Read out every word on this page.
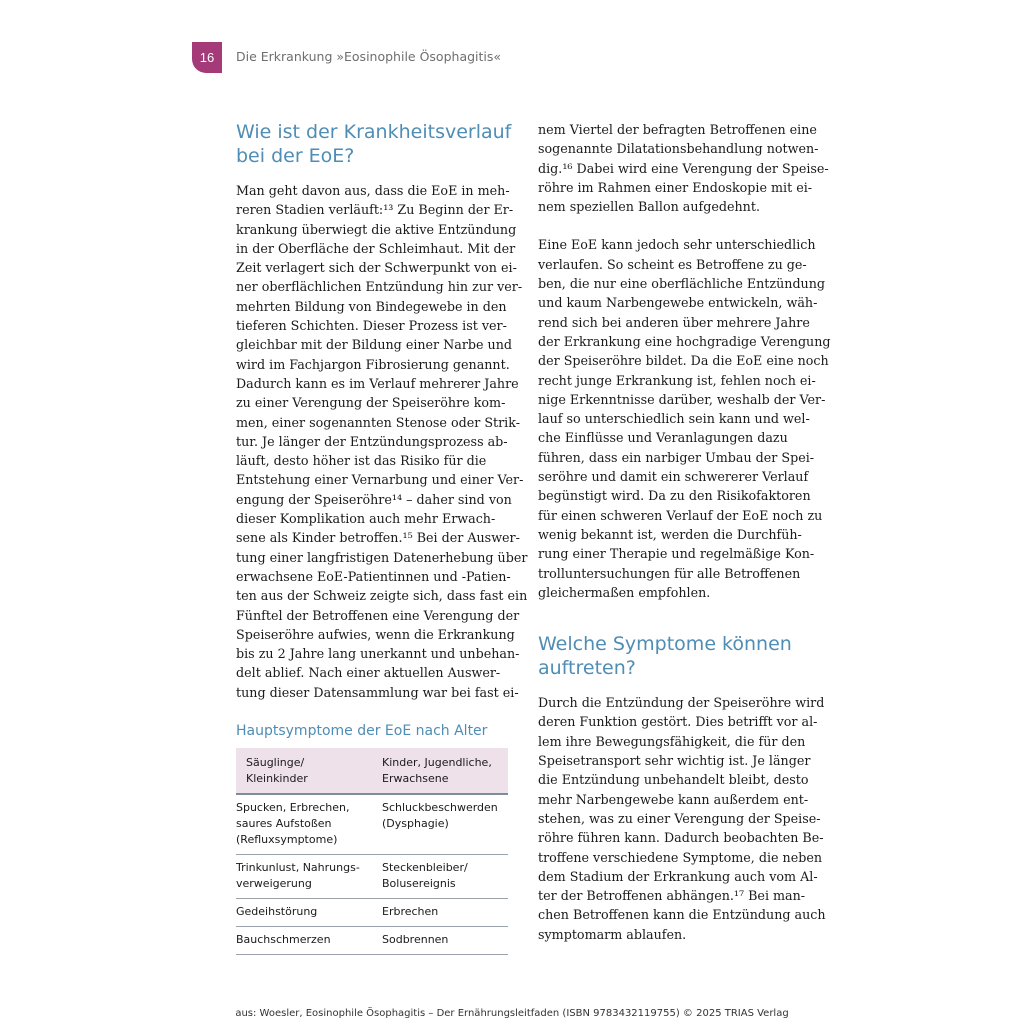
16 Die Erkrankung »Eosinophile Ösophagitis«
Wie ist der Krankheitsverlauf
bei der EoE?
Man geht davon aus, dass die EoE in meh-
reren Stadien verläuft:¹³ Zu Beginn der Er-
krankung überwiegt die aktive Entzündung
in der Oberfläche der Schleimhaut. Mit der
Zeit verlagert sich der Schwerpunkt von ei-
ner oberflächlichen Entzündung hin zur ver-
mehrten Bildung von Bindegewebe in den
tieferen Schichten. Dieser Prozess ist ver-
gleichbar mit der Bildung einer Narbe und
wird im Fachjargon Fibrosierung genannt.
Dadurch kann es im Verlauf mehrerer Jahre
zu einer Verengung der Speiseröhre kom-
men, einer sogenannten Stenose oder Strik-
tur. Je länger der Entzündungsprozess ab-
läuft, desto höher ist das Risiko für die
Entstehung einer Vernarbung und einer Ver-
engung der Speiseröhre¹⁴ – daher sind von
dieser Komplikation auch mehr Erwach-
sene als Kinder betroffen.¹⁵ Bei der Auswer-
tung einer langfristigen Datenerhebung über
erwachsene EoE-Patientinnen und -Patien-
ten aus der Schweiz zeigte sich, dass fast ein
Fünftel der Betroffenen eine Verengung der
Speiseröhre aufwies, wenn die Erkrankung
bis zu 2 Jahre lang unerkannt und unbehan-
delt ablief. Nach einer aktuellen Auswer-
tung dieser Datensammlung war bei fast ei-
Hauptsymptome der EoE nach Alter
Säuglinge/
Kleinkinder	Kinder, Jugendliche,
Erwachsene

Spucken, Erbrechen,
saures Aufstoßen
(Refluxsymptome)	Schluckbeschwerden
(Dysphagie)

Trinkunlust, Nahrungs-
verweigerung	Steckenbleiber/
Bolusereignis

Gedeihstörung	Erbrechen

Bauchschmerzen	Sodbrennen
nem Viertel der befragten Betroffenen eine
sogenannte Dilatationsbehandlung notwen-
dig.¹⁶ Dabei wird eine Verengung der Speise-
röhre im Rahmen einer Endoskopie mit ei-
nem speziellen Ballon aufgedehnt.
Eine EoE kann jedoch sehr unterschiedlich
verlaufen. So scheint es Betroffene zu ge-
ben, die nur eine oberflächliche Entzündung
und kaum Narbengewebe entwickeln, wäh-
rend sich bei anderen über mehrere Jahre
der Erkrankung eine hochgradige Verengung
der Speiseröhre bildet. Da die EoE eine noch
recht junge Erkrankung ist, fehlen noch ei-
nige Erkenntnisse darüber, weshalb der Ver-
lauf so unterschiedlich sein kann und wel-
che Einflüsse und Veranlagungen dazu
führen, dass ein narbiger Umbau der Spei-
seröhre und damit ein schwererer Verlauf
begünstigt wird. Da zu den Risikofaktoren
für einen schweren Verlauf der EoE noch zu
wenig bekannt ist, werden die Durchfüh-
rung einer Therapie und regelmäßige Kon-
trolluntersuchungen für alle Betroffenen
gleichermaßen empfohlen.
Welche Symptome können
auftreten?
Durch die Entzündung der Speiseröhre wird
deren Funktion gestört. Dies betrifft vor al-
lem ihre Bewegungsfähigkeit, die für den
Speisetransport sehr wichtig ist. Je länger
die Entzündung unbehandelt bleibt, desto
mehr Narbengewebe kann außerdem ent-
stehen, was zu einer Verengung der Speise-
röhre führen kann. Dadurch beobachten Be-
troffene verschiedene Symptome, die neben
dem Stadium der Erkrankung auch vom Al-
ter der Betroffenen abhängen.¹⁷ Bei man-
chen Betroffenen kann die Entzündung auch
symptomarm ablaufen.
aus: Woesler, Eosinophile Ösophagitis – Der Ernährungsleitfaden (ISBN 9783432119755) © 2025 TRIAS Verlag
